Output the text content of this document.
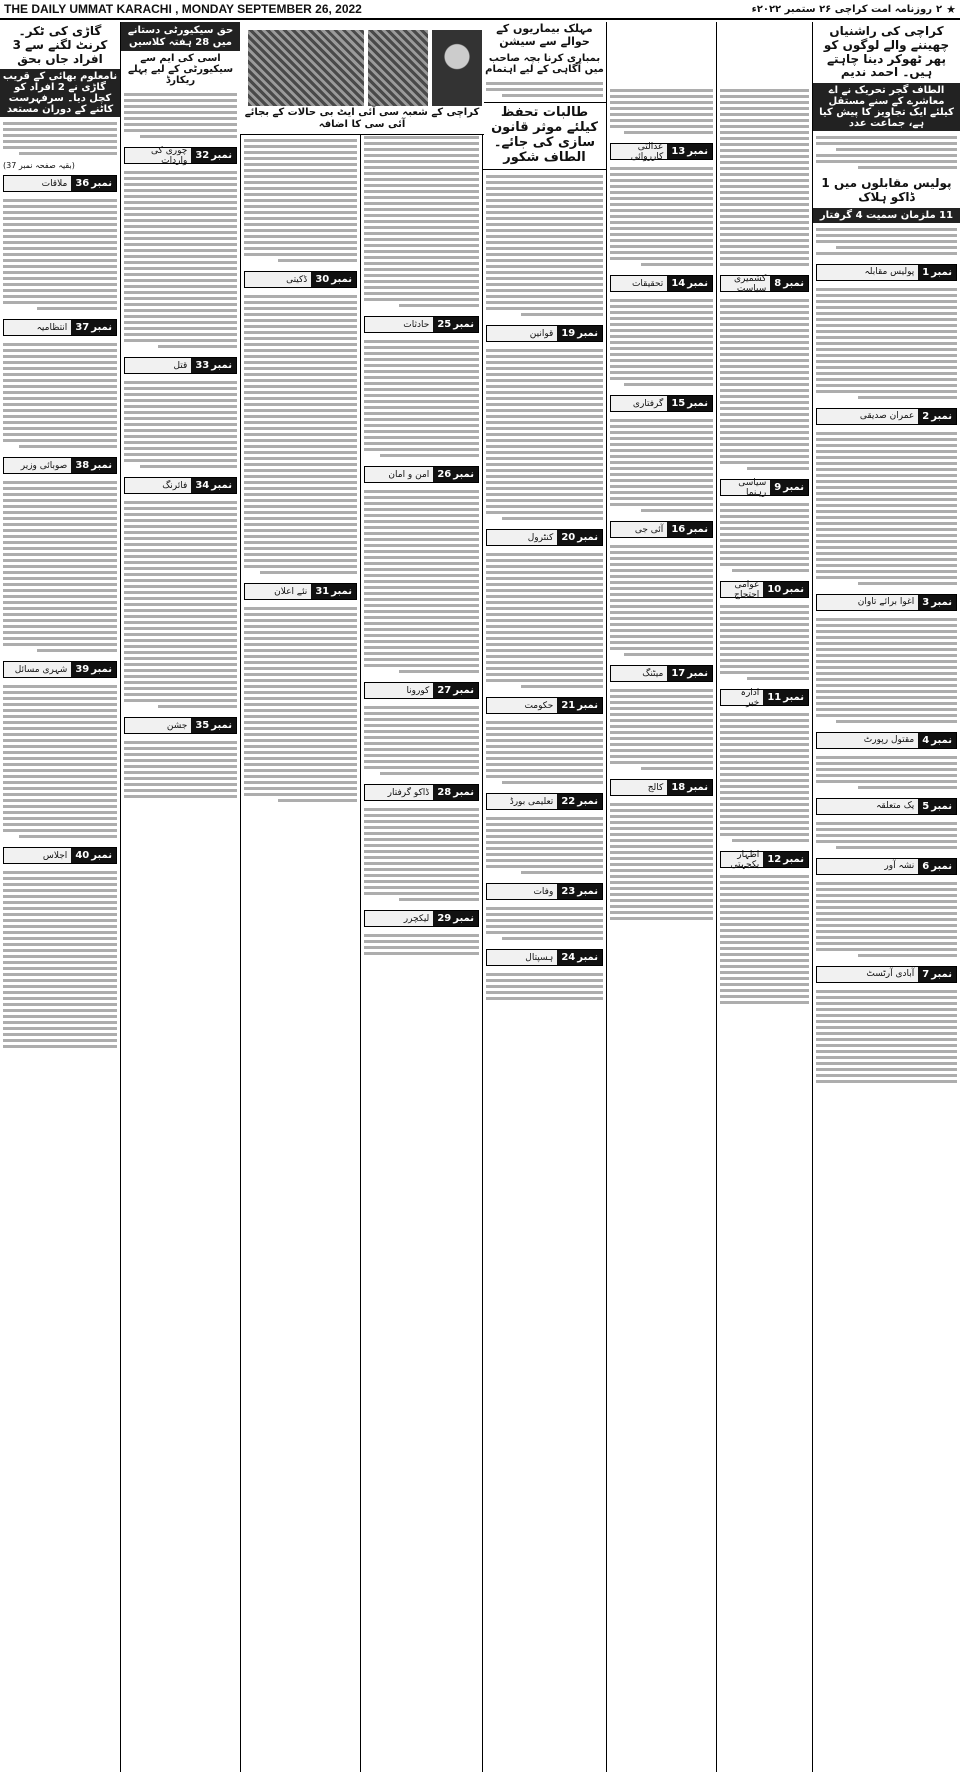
THE DAILY UMMAT KARACHI , MONDAY SEPTEMBER 26, 2022	★
۲
روزنامہ امت کراچی ۲۶ ستمبر ۲۰۲۲ء
کراچی کی راشنیاں چھیننے والے لوگوں کو پھر ٹھوکر دینا چاہتے ہیں۔ احمد ندیم
الطاف گجر تحریک نے اے معاشرے کے سنے مستقل کیلئے ایک تجاویز کا پیش کیا ہے، جماعت عدد
پولیس مقابلوں میں 1 ڈاکو ہلاک
11 ملزمان سمیت 4 گرفتار
نمبر
1
پولیس مقابلہ
نمبر
2
عمران صدیقی
نمبر
3
اغوا برائے تاوان
نمبر
4
مقتول رپورٹ
نمبر
5
یک متعلقہ
نمبر
6
نشہ آور
نمبر
7
آبادی آرٹسٹ
نمبر
8
کشمیری سیاست
نمبر
9
سیاسی رہنما
نمبر
10
عوامی احتجاج
نمبر
11
ادارہ خبر
نمبر
12
اظہار یکجہتی
نمبر
13
عدالتی کارروائی
نمبر
14
تحقیقات
نمبر
15
گرفتاری
نمبر
16
آئی جی
نمبر
17
میٹنگ
نمبر
18
کالج
مہلک بیماریوں کے حوالے سے سیشن
بمباری کرنا بچہ صاحب میں آگاہی کے لیے اہتمام
طالبات تحفظ کیلئے موثر قانون سازی کی جائے۔ الطاف شکور
نمبر
19
قوانین
نمبر
20
کنٹرول
نمبر
21
حکومت
نمبر
22
تعلیمی بورڈ
نمبر
23
وفات
نمبر
24
ہسپتال
نمبر
25
حادثات
نمبر
26
امن و امان
نمبر
27
کورونا
نمبر
28
ڈاکو گرفتار
نمبر
29
لیکچرر
کراچی کے شعبہ سی آئی ایٹ بی حالات کے بجائے آئی سی کا اضافہ
نمبر
30
ڈکیتی
نمبر
31
نئے اعلان
حق سیکیورٹی دستانے میں 28 ہفتہ کلاسیں
اسی کی ایم سے سیکیورٹی کے لیے پہلے ریکارڈ
نمبر
32
چوری کی واردات
نمبر
33
قتل
نمبر
34
فائرنگ
نمبر
35
جشن
گاڑی کی ٹکر۔ کرنٹ لگنے سے 3 افراد جاں بحق
نامعلوم بھائی کے قریب گاڑی نے 2 افراد کو کچل دیا۔ سرفہرست کاٹنے کے دوران مستعد
(بقیہ صفحہ نمبر 37)
نمبر
36
ملاقات
نمبر
37
انتظامیہ
نمبر
38
صوبائی وزیر
نمبر
39
شہری مسائل
نمبر
40
اجلاس
